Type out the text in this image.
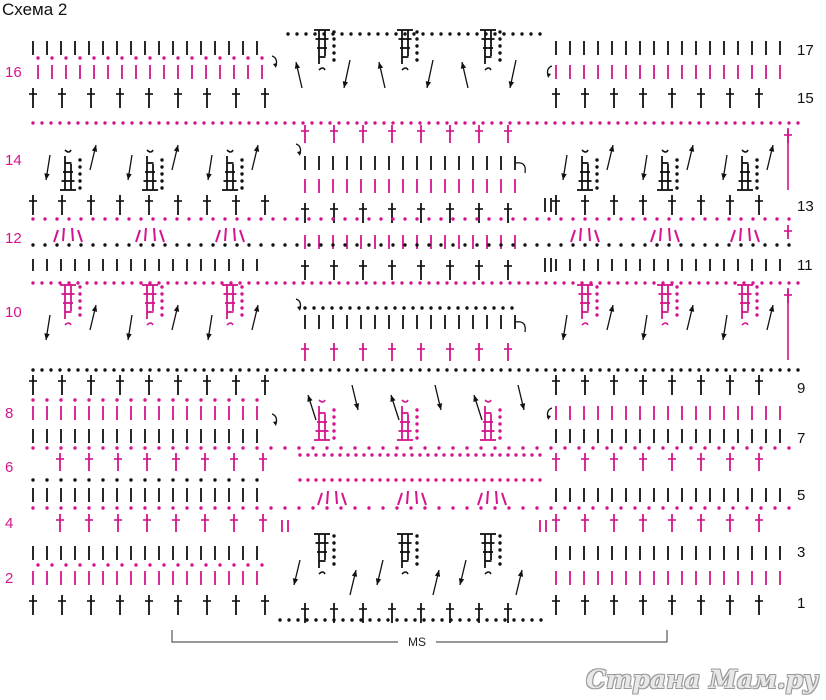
Схема 2
2
4
6
8
10
12
14
16
1
3
5
7
9
11
13
15
17
MS
Страна Мам.ру
